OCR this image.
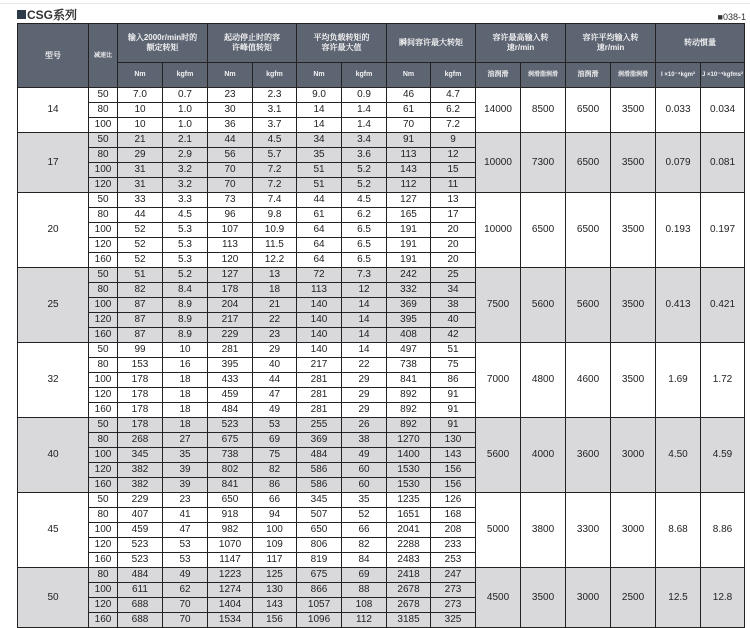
CSG系列	■038-1
型号	减速比	输入2000r/min时的额定转矩		起动停止时的容许峰值转矩		平均负载转矩的容许最大值		瞬间容许最大转矩		容许最高输入转速r/min		容许平均输入转速r/min		转动惯量	
		Nm	kgfm	Nm	kgfm	Nm	kgfm	Nm	kgfm	油润滑	润滑脂润滑	油润滑	润滑脂润滑	I ×10⁻⁴kgm²	J ×10⁻⁴kgfms²
14	50	7.0	0.7	23	2.3	9.0	0.9	46	4.7	14000	8500	6500	3500	0.033	0.034
	80	10	1.0	30	3.1	14	1.4	61	6.2						
	100	10	1.0	36	3.7	14	1.4	70	7.2						
17	50	21	2.1	44	4.5	34	3.4	91	9	10000	7300	6500	3500	0.079	0.081
	80	29	2.9	56	5.7	35	3.6	113	12						
	100	31	3.2	70	7.2	51	5.2	143	15						
	120	31	3.2	70	7.2	51	5.2	112	11						
20	50	33	3.3	73	7.4	44	4.5	127	13	10000	6500	6500	3500	0.193	0.197
	80	44	4.5	96	9.8	61	6.2	165	17						
	100	52	5.3	107	10.9	64	6.5	191	20						
	120	52	5.3	113	11.5	64	6.5	191	20						
	160	52	5.3	120	12.2	64	6.5	191	20						
25	50	51	5.2	127	13	72	7.3	242	25	7500	5600	5600	3500	0.413	0.421
	80	82	8.4	178	18	113	12	332	34						
	100	87	8.9	204	21	140	14	369	38						
	120	87	8.9	217	22	140	14	395	40						
	160	87	8.9	229	23	140	14	408	42						
32	50	99	10	281	29	140	14	497	51	7000	4800	4600	3500	1.69	1.72
	80	153	16	395	40	217	22	738	75						
	100	178	18	433	44	281	29	841	86						
	120	178	18	459	47	281	29	892	91						
	160	178	18	484	49	281	29	892	91						
40	50	178	18	523	53	255	26	892	91	5600	4000	3600	3000	4.50	4.59
	80	268	27	675	69	369	38	1270	130						
	100	345	35	738	75	484	49	1400	143						
	120	382	39	802	82	586	60	1530	156						
	160	382	39	841	86	586	60	1530	156						
45	50	229	23	650	66	345	35	1235	126	5000	3800	3300	3000	8.68	8.86
	80	407	41	918	94	507	52	1651	168						
	100	459	47	982	100	650	66	2041	208						
	120	523	53	1070	109	806	82	2288	233						
	160	523	53	1147	117	819	84	2483	253						
50	80	484	49	1223	125	675	69	2418	247	4500	3500	3000	2500	12.5	12.8
	100	611	62	1274	130	866	88	2678	273						
	120	688	70	1404	143	1057	108	2678	273						
	160	688	70	1534	156	1096	112	3185	325						
